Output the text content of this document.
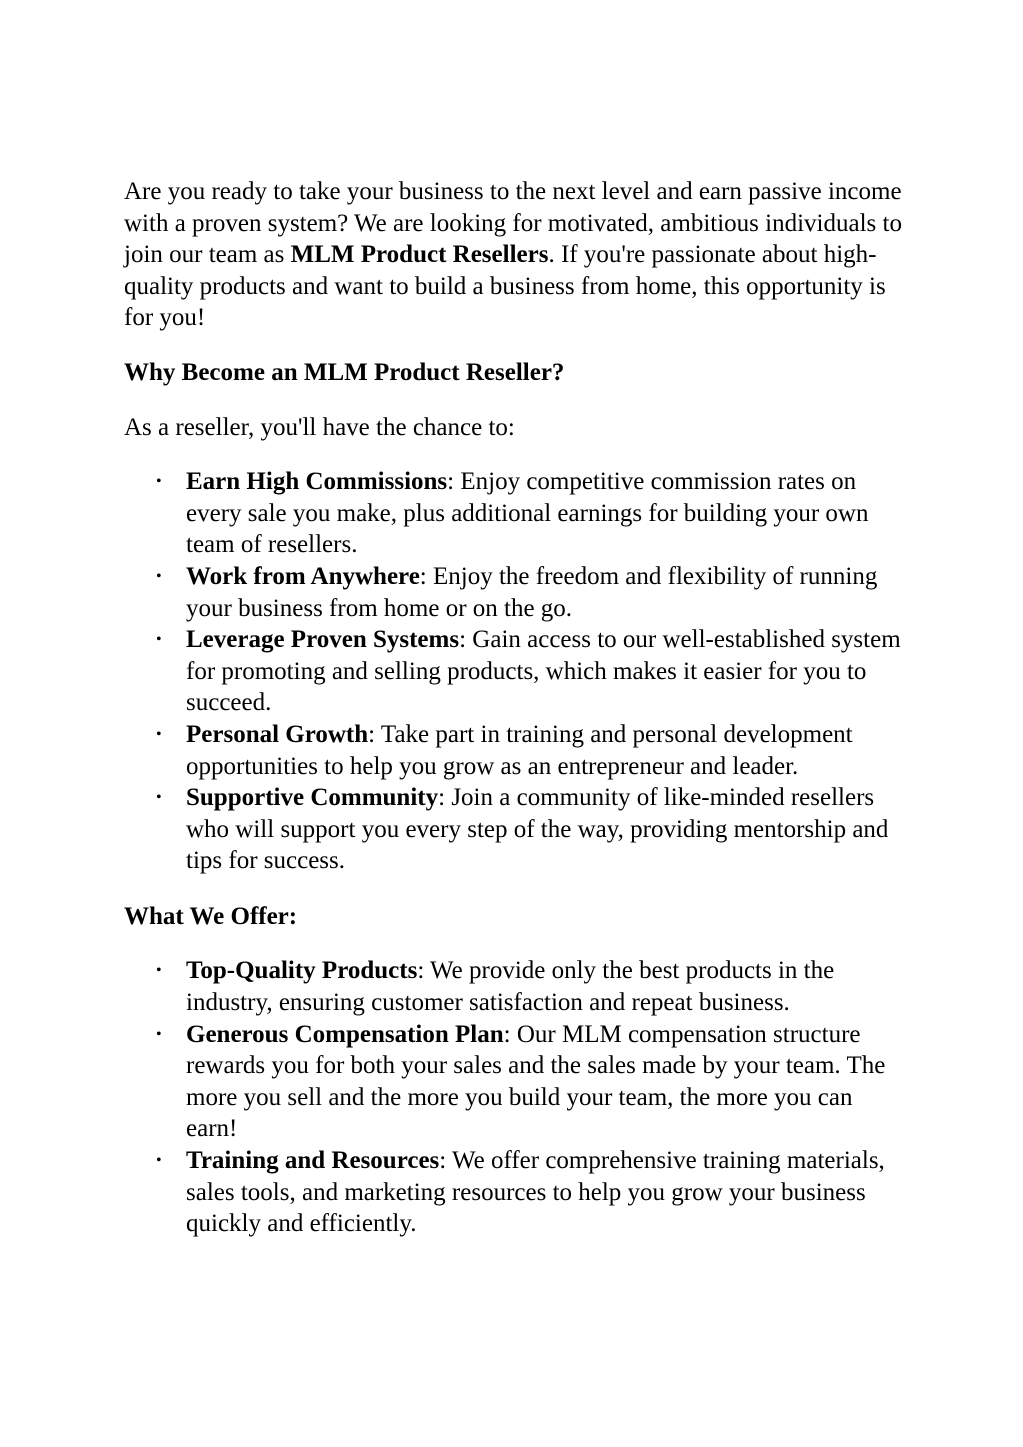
Are you ready to take your business to the next level and earn passive income with a proven system? We are looking for motivated, ambitious individuals to join our team as MLM Product Resellers. If you're passionate about high-quality products and want to build a business from home, this opportunity is for you!

Why Become an MLM Product Reseller?

As a reseller, you'll have the chance to:

• Earn High Commissions: Enjoy competitive commission rates on every sale you make, plus additional earnings for building your own team of resellers.
• Work from Anywhere: Enjoy the freedom and flexibility of running your business from home or on the go.
• Leverage Proven Systems: Gain access to our well-established system for promoting and selling products, which makes it easier for you to succeed.
• Personal Growth: Take part in training and personal development opportunities to help you grow as an entrepreneur and leader.
• Supportive Community: Join a community of like-minded resellers who will support you every step of the way, providing mentorship and tips for success.
What We Offer:
• Top-Quality Products: We provide only the best products in the industry, ensuring customer satisfaction and repeat business.
• Generous Compensation Plan: Our MLM compensation structure rewards you for both your sales and the sales made by your team. The more you sell and the more you build your team, the more you can earn!
• Training and Resources: We offer comprehensive training materials, sales tools, and marketing resources to help you grow your business quickly and efficiently.
